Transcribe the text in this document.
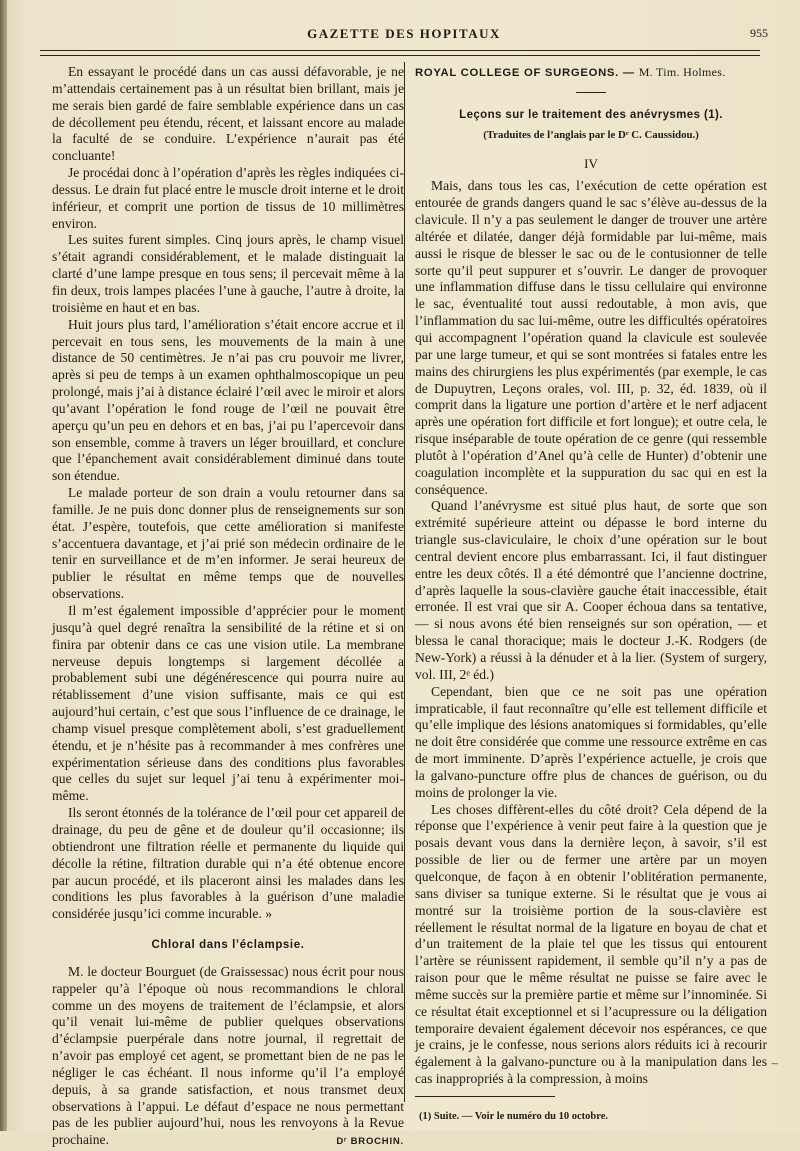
GAZETTE DES HOPITAUX	955

En essayant le procédé dans un cas aussi défavorable, je ne m’attendais certainement pas à un résultat bien brillant, mais je me serais bien gardé de faire semblable expérience dans un cas de décollement peu étendu, récent, et laissant encore au malade la faculté de se conduire. L’expérience n’aurait pas été concluante!

Je procédai donc à l’opération d’après les règles indiquées ci-dessus. Le drain fut placé entre le muscle droit interne et le droit inférieur, et comprit une portion de tissus de 10 millimètres environ.

Les suites furent simples. Cinq jours après, le champ visuel s’était agrandi considérablement, et le malade distinguait la clarté d’une lampe presque en tous sens; il percevait même à la fin deux, trois lampes placées l’une à gauche, l’autre à droite, la troisième en haut et en bas.

Huit jours plus tard, l’amélioration s’était encore accrue et il percevait en tous sens, les mouvements de la main à une distance de 50 centimètres. Je n’ai pas cru pouvoir me livrer, après si peu de temps à un examen ophthalmoscopique un peu prolongé, mais j’ai à distance éclairé l’œil avec le miroir et alors qu’avant l’opération le fond rouge de l’œil ne pouvait être aperçu qu’un peu en dehors et en bas, j’ai pu l’apercevoir dans son ensemble, comme à travers un léger brouillard, et conclure que l’épanchement avait considérablement diminué dans toute son étendue.

Le malade porteur de son drain a voulu retourner dans sa famille. Je ne puis donc donner plus de renseignements sur son état. J’espère, toutefois, que cette amélioration si manifeste s’accentuera davantage, et j’ai prié son médecin ordinaire de le tenir en surveillance et de m’en informer. Je serai heureux de publier le résultat en même temps que de nouvelles observations.

Il m’est également impossible d’apprécier pour le moment jusqu’à quel degré renaîtra la sensibilité de la rétine et si on finira par obtenir dans ce cas une vision utile. La membrane nerveuse depuis longtemps si largement décollée a probablement subi une dégénérescence qui pourra nuire au rétablissement d’une vision suffisante, mais ce qui est aujourd’hui certain, c’est que sous l’influence de ce drainage, le champ visuel presque complètement aboli, s’est graduellement étendu, et je n’hésite pas à recommander à mes confrères une expérimentation sérieuse dans des conditions plus favorables que celles du sujet sur lequel j’ai tenu à expérimenter moi-même.

Ils seront étonnés de la tolérance de l’œil pour cet appareil de drainage, du peu de gêne et de douleur qu’il occasionne; ils obtiendront une filtration réelle et permanente du liquide qui décolle la rétine, filtration durable qui n’a été obtenue encore par aucun procédé, et ils placeront ainsi les malades dans les conditions les plus favorables à la guérison d’une maladie considérée jusqu’ici comme incurable. »

Chloral dans l’éclampsie.

M. le docteur Bourguet (de Graissessac) nous écrit pour nous rappeler qu’à l’époque où nous recommandions le chloral comme un des moyens de traitement de l’éclampsie, et alors qu’il venait lui-même de publier quelques observations d’éclampsie puerpérale dans notre journal, il regrettait de n’avoir pas employé cet agent, se promettant bien de ne pas le négliger le cas échéant. Il nous informe qu’il l’a employé depuis, à sa grande satisfaction, et nous transmet deux observations à l’appui. Le défaut d’espace ne nous permettant pas de les publier aujourd’hui, nous les renvoyons à la Revue prochaine.	Dʳ BROCHIN.
ROYAL COLLEGE OF SURGEONS. — M. Tim. Holmes.
Leçons sur le traitement des anévrysmes (1).
(Traduites de l’anglais par le Dʳ C. Caussidou.)
IV

Mais, dans tous les cas, l’exécution de cette opération est entourée de grands dangers quand le sac s’élève au-dessus de la clavicule. Il n’y a pas seulement le danger de trouver une artère altérée et dilatée, danger déjà formidable par lui-même, mais aussi le risque de blesser le sac ou de le contusionner de telle sorte qu’il peut suppurer et s’ouvrir. Le danger de provoquer une inflammation diffuse dans le tissu cellulaire qui environne le sac, éventualité tout aussi redoutable, à mon avis, que l’inflammation du sac lui-même, outre les difficultés opératoires qui accompagnent l’opération quand la clavicule est soulevée par une large tumeur, et qui se sont montrées si fatales entre les mains des chirurgiens les plus expérimentés (par exemple, le cas de Dupuytren, Leçons orales, vol. III, p. 32, éd. 1839, où il comprit dans la ligature une portion d’artère et le nerf adjacent après une opération fort difficile et fort longue); et outre cela, le risque inséparable de toute opération de ce genre (qui ressemble plutôt à l’opération d’Anel qu’à celle de Hunter) d’obtenir une coagulation incomplète et la suppuration du sac qui en est la conséquence.

Quand l’anévrysme est situé plus haut, de sorte que son extrémité supérieure atteint ou dépasse le bord interne du triangle sus-claviculaire, le choix d’une opération sur le bout central devient encore plus embarrassant. Ici, il faut distinguer entre les deux côtés. Il a été démontré que l’ancienne doctrine, d’après laquelle la sous-clavière gauche était inaccessible, était erronée. Il est vrai que sir A. Cooper échoua dans sa tentative, — si nous avons été bien renseignés sur son opération, — et blessa le canal thoracique; mais le docteur J.-K. Rodgers (de New-York) a réussi à la dénuder et à la lier. (System of surgery, vol. III, 2ᵉ éd.)

Cependant, bien que ce ne soit pas une opération impraticable, il faut reconnaître qu’elle est tellement difficile et qu’elle implique des lésions anatomiques si formidables, qu’elle ne doit être considérée que comme une ressource extrême en cas de mort imminente. D’après l’expérience actuelle, je crois que la galvano-puncture offre plus de chances de guérison, ou du moins de prolonger la vie.

Les choses diffèrent-elles du côté droit? Cela dépend de la réponse que l’expérience à venir peut faire à la question que je posais devant vous dans la dernière leçon, à savoir, s’il est possible de lier ou de fermer une artère par un moyen quelconque, de façon à en obtenir l’oblitération permanente, sans diviser sa tunique externe. Si le résultat que je vous ai montré sur la troisième portion de la sous-clavière est réellement le résultat normal de la ligature en boyau de chat et d’un traitement de la plaie tel que les tissus qui entourent l’artère se réunissent rapidement, il semble qu’il n’y a pas de raison pour que le même résultat ne puisse se faire avec le même succès sur la première partie et même sur l’innominée. Si ce résultat était exceptionnel et si l’acupressure ou la déligation temporaire devaient également décevoir nos espérances, ce que je crains, je le confesse, nous serions alors réduits ici à recourir également à la galvano-puncture ou à la manipulation dans les cas inappropriés à la compression, à moins

(1) Suite. — Voir le numéro du 10 octobre.

–
